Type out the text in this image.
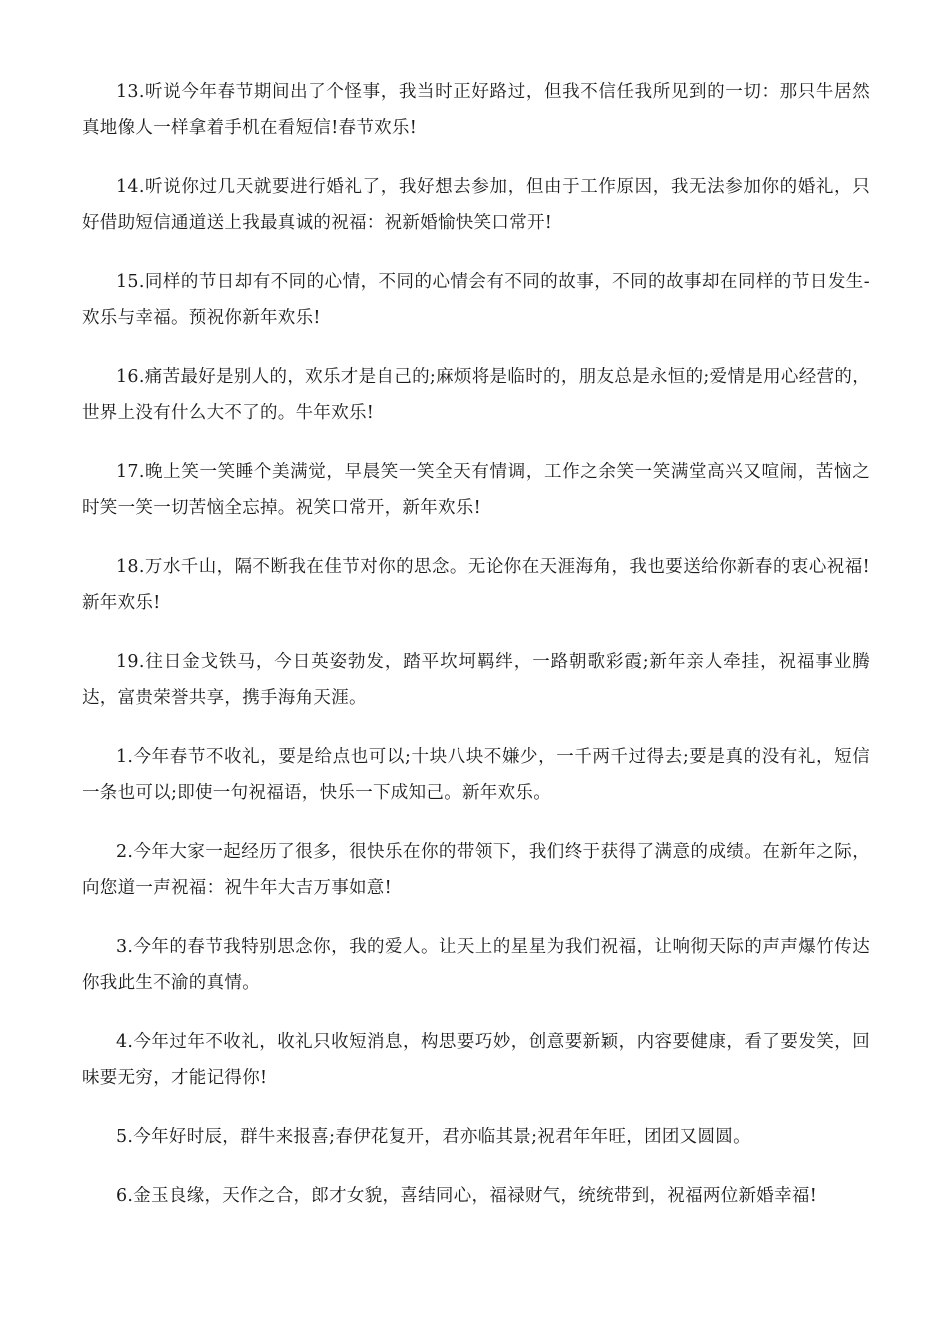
13.听说今年春节期间出了个怪事，我当时正好路过，但我不信任我所见到的一切：那只牛居然真地像人一样拿着手机在看短信!春节欢乐!

14.听说你过几天就要进行婚礼了，我好想去参加，但由于工作原因，我无法参加你的婚礼，只好借助短信通道送上我最真诚的祝福：祝新婚愉快笑口常开!

15.同样的节日却有不同的心情，不同的心情会有不同的故事，不同的故事却在同样的节日发生-欢乐与幸福。预祝你新年欢乐!

16.痛苦最好是别人的，欢乐才是自己的;麻烦将是临时的，朋友总是永恒的;爱情是用心经营的，世界上没有什么大不了的。牛年欢乐!

17.晚上笑一笑睡个美满觉，早晨笑一笑全天有情调，工作之余笑一笑满堂高兴又喧闹，苦恼之时笑一笑一切苦恼全忘掉。祝笑口常开，新年欢乐!

18.万水千山，隔不断我在佳节对你的思念。无论你在天涯海角，我也要送给你新春的衷心祝福!新年欢乐!

19.往日金戈铁马，今日英姿勃发，踏平坎坷羁绊，一路朝歌彩霞;新年亲人牵挂，祝福事业腾达，富贵荣誉共享，携手海角天涯。

1.今年春节不收礼，要是给点也可以;十块八块不嫌少，一千两千过得去;要是真的没有礼，短信一条也可以;即使一句祝福语，快乐一下成知己。新年欢乐。

2.今年大家一起经历了很多，很快乐在你的带领下，我们终于获得了满意的成绩。在新年之际，向您道一声祝福：祝牛年大吉万事如意!

3.今年的春节我特别思念你，我的爱人。让天上的星星为我们祝福，让响彻天际的声声爆竹传达你我此生不渝的真情。

4.今年过年不收礼，收礼只收短消息，构思要巧妙，创意要新颖，内容要健康，看了要发笑，回味要无穷，才能记得你!

5.今年好时辰，群牛来报喜;春伊花复开，君亦临其景;祝君年年旺，团团又圆圆。

6.金玉良缘，天作之合，郎才女貌，喜结同心，福禄财气，统统带到，祝福两位新婚幸福!
